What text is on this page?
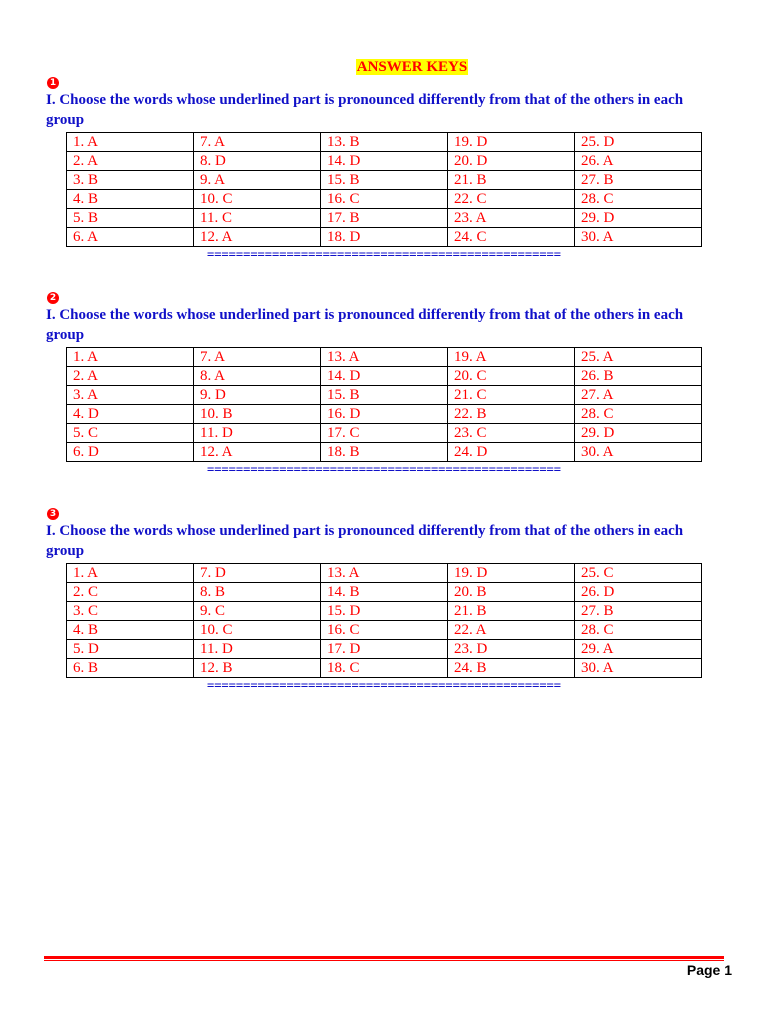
ANSWER KEYS
1
I. Choose the words whose underlined part is pronounced differently from that of the others in each group
1. A	7. A	13. B	19. D	25. D
2. A	8. D	14. D	20. D	26. A
3. B	9. A	15. B	21. B	27. B
4. B	10. C	16. C	22. C	28. C
5. B	11. C	17. B	23. A	29. D
6. A	12. A	18. D	24. C	30. A
=================================================
2
I. Choose the words whose underlined part is pronounced differently from that of the others in each group
1. A	7. A	13. A	19. A	25. A
2. A	8. A	14. D	20. C	26. B
3. A	9. D	15. B	21. C	27. A
4. D	10. B	16. D	22. B	28. C
5. C	11. D	17. C	23. C	29. D
6. D	12. A	18. B	24. D	30. A
=================================================
3
I. Choose the words whose underlined part is pronounced differently from that of the others in each group
1. A	7. D	13. A	19. D	25. C
2. C	8. B	14. B	20. B	26. D
3. C	9. C	15. D	21. B	27. B
4. B	10. C	16. C	22. A	28. C
5. D	11. D	17. D	23. D	29. A
6. B	12. B	18. C	24. B	30. A
=================================================
Page 1
